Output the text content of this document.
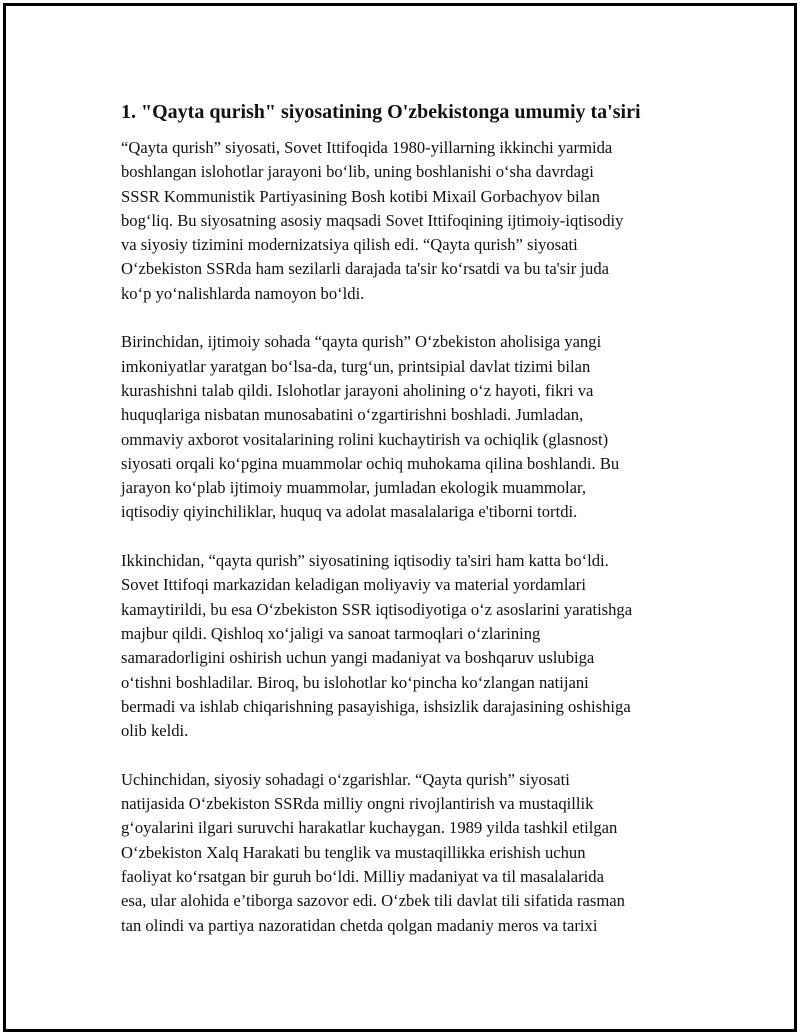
1. "Qayta qurish" siyosatining O'zbekistonga umumiy ta'siri

“Qayta qurish” siyosati, Sovet Ittifoqida 1980-yillarning ikkinchi yarmida
boshlangan islohotlar jarayoni boʻlib, uning boshlanishi oʻsha davrdagi
SSSR Kommunistik Partiyasining Bosh kotibi Mixail Gorbachyov bilan
bogʻliq. Bu siyosatning asosiy maqsadi Sovet Ittifoqining ijtimoiy-iqtisodiy
va siyosiy tizimini modernizatsiya qilish edi. “Qayta qurish” siyosati
Oʻzbekiston SSRda ham sezilarli darajada ta'sir koʻrsatdi va bu ta'sir juda
koʻp yoʻnalishlarda namoyon boʻldi.

Birinchidan, ijtimoiy sohada “qayta qurish” Oʻzbekiston aholisiga yangi
imkoniyatlar yaratgan boʻlsa-da, turgʻun, printsipial davlat tizimi bilan
kurashishni talab qildi. Islohotlar jarayoni aholining oʻz hayoti, fikri va
huquqlariga nisbatan munosabatini oʻzgartirishni boshladi. Jumladan,
ommaviy axborot vositalarining rolini kuchaytirish va ochiqlik (glasnost)
siyosati orqali koʻpgina muammolar ochiq muhokama qilina boshlandi. Bu
jarayon koʻplab ijtimoiy muammolar, jumladan ekologik muammolar,
iqtisodiy qiyinchiliklar, huquq va adolat masalalariga e'tiborni tortdi.

Ikkinchidan, “qayta qurish” siyosatining iqtisodiy ta'siri ham katta boʻldi.
Sovet Ittifoqi markazidan keladigan moliyaviy va material yordamlari
kamaytirildi, bu esa Oʻzbekiston SSR iqtisodiyotiga oʻz asoslarini yaratishga
majbur qildi. Qishloq xoʻjaligi va sanoat tarmoqlari oʻzlarining
samaradorligini oshirish uchun yangi madaniyat va boshqaruv uslubiga
oʻtishni boshladilar. Biroq, bu islohotlar koʻpincha koʻzlangan natijani
bermadi va ishlab chiqarishning pasayishiga, ishsizlik darajasining oshishiga
olib keldi.

Uchinchidan, siyosiy sohadagi oʻzgarishlar. “Qayta qurish” siyosati
natijasida Oʻzbekiston SSRda milliy ongni rivojlantirish va mustaqillik
gʻoyalarini ilgari suruvchi harakatlar kuchaygan. 1989 yilda tashkil etilgan
Oʻzbekiston Xalq Harakati bu tenglik va mustaqillikka erishish uchun
faoliyat koʻrsatgan bir guruh boʻldi. Milliy madaniyat va til masalalarida
esa, ular alohida e’tiborga sazovor edi. Oʻzbek tili davlat tili sifatida rasman
tan olindi va partiya nazoratidan chetda qolgan madaniy meros va tarixi
